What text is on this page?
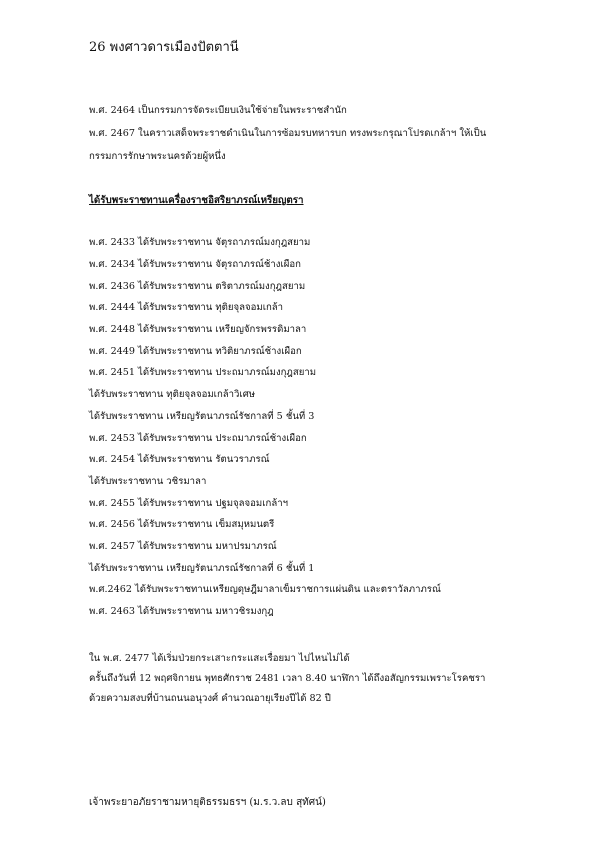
26 พงศาวดารเมืองปัตตานี
พ.ศ. 2464 เป็นกรรมการจัดระเบียบเงินใช้จ่ายในพระราชสำนัก
พ.ศ. 2467 ในคราวเสด็จพระราชดำเนินในการซ้อมรบทหารบก ทรงพระกรุณาโปรดเกล้าฯ ให้เป็น
กรรมการรักษาพระนครด้วยผู้หนึ่ง
ได้รับพระราชทานเครื่องราชอิสริยาภรณ์เหรียญตรา
พ.ศ. 2433 ได้รับพระราชทาน จัตุรถาภรณ์มงกุฎสยาม
พ.ศ. 2434 ได้รับพระราชทาน จัตุรถาภรณ์ช้างเผือก
พ.ศ. 2436 ได้รับพระราชทาน ตริตาภรณ์มงกุฎสยาม
พ.ศ. 2444 ได้รับพระราชทาน ทุติยจุลจอมเกล้า
พ.ศ. 2448 ได้รับพระราชทาน เหรียญจักรพรรดิมาลา
พ.ศ. 2449 ได้รับพระราชทาน ทวิติยาภรณ์ช้างเผือก
พ.ศ. 2451 ได้รับพระราชทาน ประถมาภรณ์มงกุฎสยาม
ได้รับพระราชทาน ทุติยจุลจอมเกล้าวิเศษ
ได้รับพระราชทาน เหรียญรัตนาภรณ์รัชกาลที่ 5 ชั้นที่ 3
พ.ศ. 2453 ได้รับพระราชทาน ประถมาภรณ์ช้างเผือก
พ.ศ. 2454 ได้รับพระราชทาน รัตนวราภรณ์
ได้รับพระราชทาน วชิรมาลา
พ.ศ. 2455 ได้รับพระราชทาน ปฐมจุลจอมเกล้าฯ
พ.ศ. 2456 ได้รับพระราชทาน เข็มสมุหมนตรี
พ.ศ. 2457 ได้รับพระราชทาน มหาปรมาภรณ์
ได้รับพระราชทาน เหรียญรัตนาภรณ์รัชกาลที่ 6 ชั้นที่ 1
พ.ศ.2462 ได้รับพระราชทานเหรียญดุษฎีมาลาเข็มราชการแผ่นดิน และตราวัลภาภรณ์
พ.ศ. 2463 ได้รับพระราชทาน มหาวชิรมงกุฎ
ใน พ.ศ. 2477 ได้เริ่มป่วยกระเสาะกระแสะเรื่อยมา ไปไหนไม่ได้
ครั้นถึงวันที่ 12 พฤศจิกายน พุทธศักราช 2481 เวลา 8.40 นาฬิกา ได้ถึงอสัญกรรมเพราะโรคชรา
ด้วยความสงบที่บ้านถนนอนุวงศ์ คำนวณอายุเรียงปีได้ 82 ปี
เจ้าพระยาอภัยราชามหายุติธรรมธรฯ (ม.ร.ว.ลบ สุทัศน์)
